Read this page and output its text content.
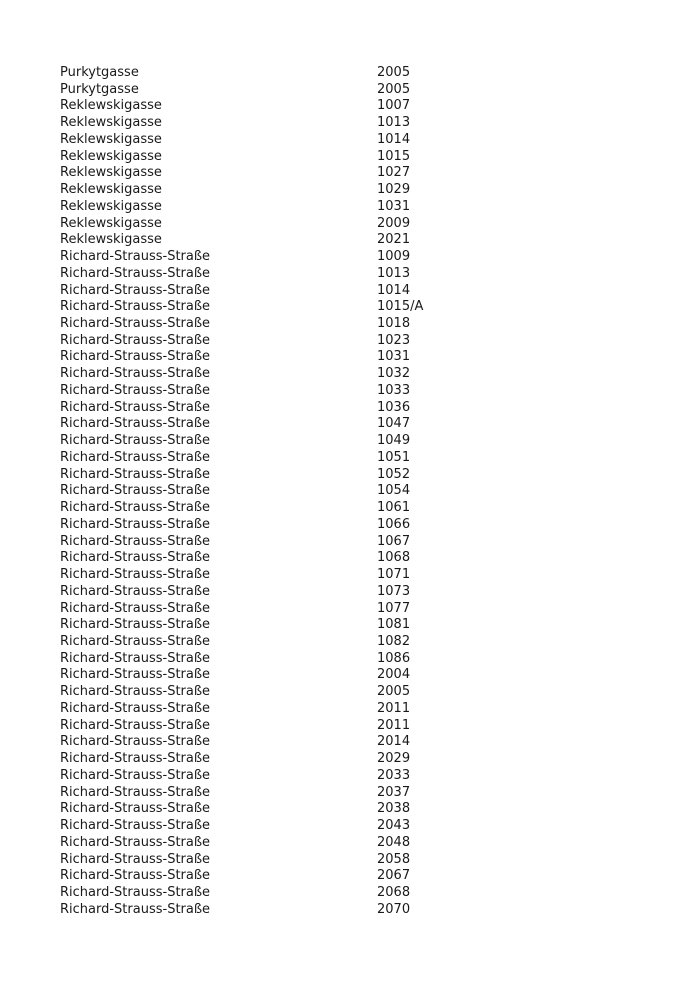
Purkytgasse	2005
Purkytgasse	2005
Reklewskigasse	1007
Reklewskigasse	1013
Reklewskigasse	1014
Reklewskigasse	1015
Reklewskigasse	1027
Reklewskigasse	1029
Reklewskigasse	1031
Reklewskigasse	2009
Reklewskigasse	2021
Richard-Strauss-Straße	1009
Richard-Strauss-Straße	1013
Richard-Strauss-Straße	1014
Richard-Strauss-Straße	1015/A
Richard-Strauss-Straße	1018
Richard-Strauss-Straße	1023
Richard-Strauss-Straße	1031
Richard-Strauss-Straße	1032
Richard-Strauss-Straße	1033
Richard-Strauss-Straße	1036
Richard-Strauss-Straße	1047
Richard-Strauss-Straße	1049
Richard-Strauss-Straße	1051
Richard-Strauss-Straße	1052
Richard-Strauss-Straße	1054
Richard-Strauss-Straße	1061
Richard-Strauss-Straße	1066
Richard-Strauss-Straße	1067
Richard-Strauss-Straße	1068
Richard-Strauss-Straße	1071
Richard-Strauss-Straße	1073
Richard-Strauss-Straße	1077
Richard-Strauss-Straße	1081
Richard-Strauss-Straße	1082
Richard-Strauss-Straße	1086
Richard-Strauss-Straße	2004
Richard-Strauss-Straße	2005
Richard-Strauss-Straße	2011
Richard-Strauss-Straße	2011
Richard-Strauss-Straße	2014
Richard-Strauss-Straße	2029
Richard-Strauss-Straße	2033
Richard-Strauss-Straße	2037
Richard-Strauss-Straße	2038
Richard-Strauss-Straße	2043
Richard-Strauss-Straße	2048
Richard-Strauss-Straße	2058
Richard-Strauss-Straße	2067
Richard-Strauss-Straße	2068
Richard-Strauss-Straße	2070
